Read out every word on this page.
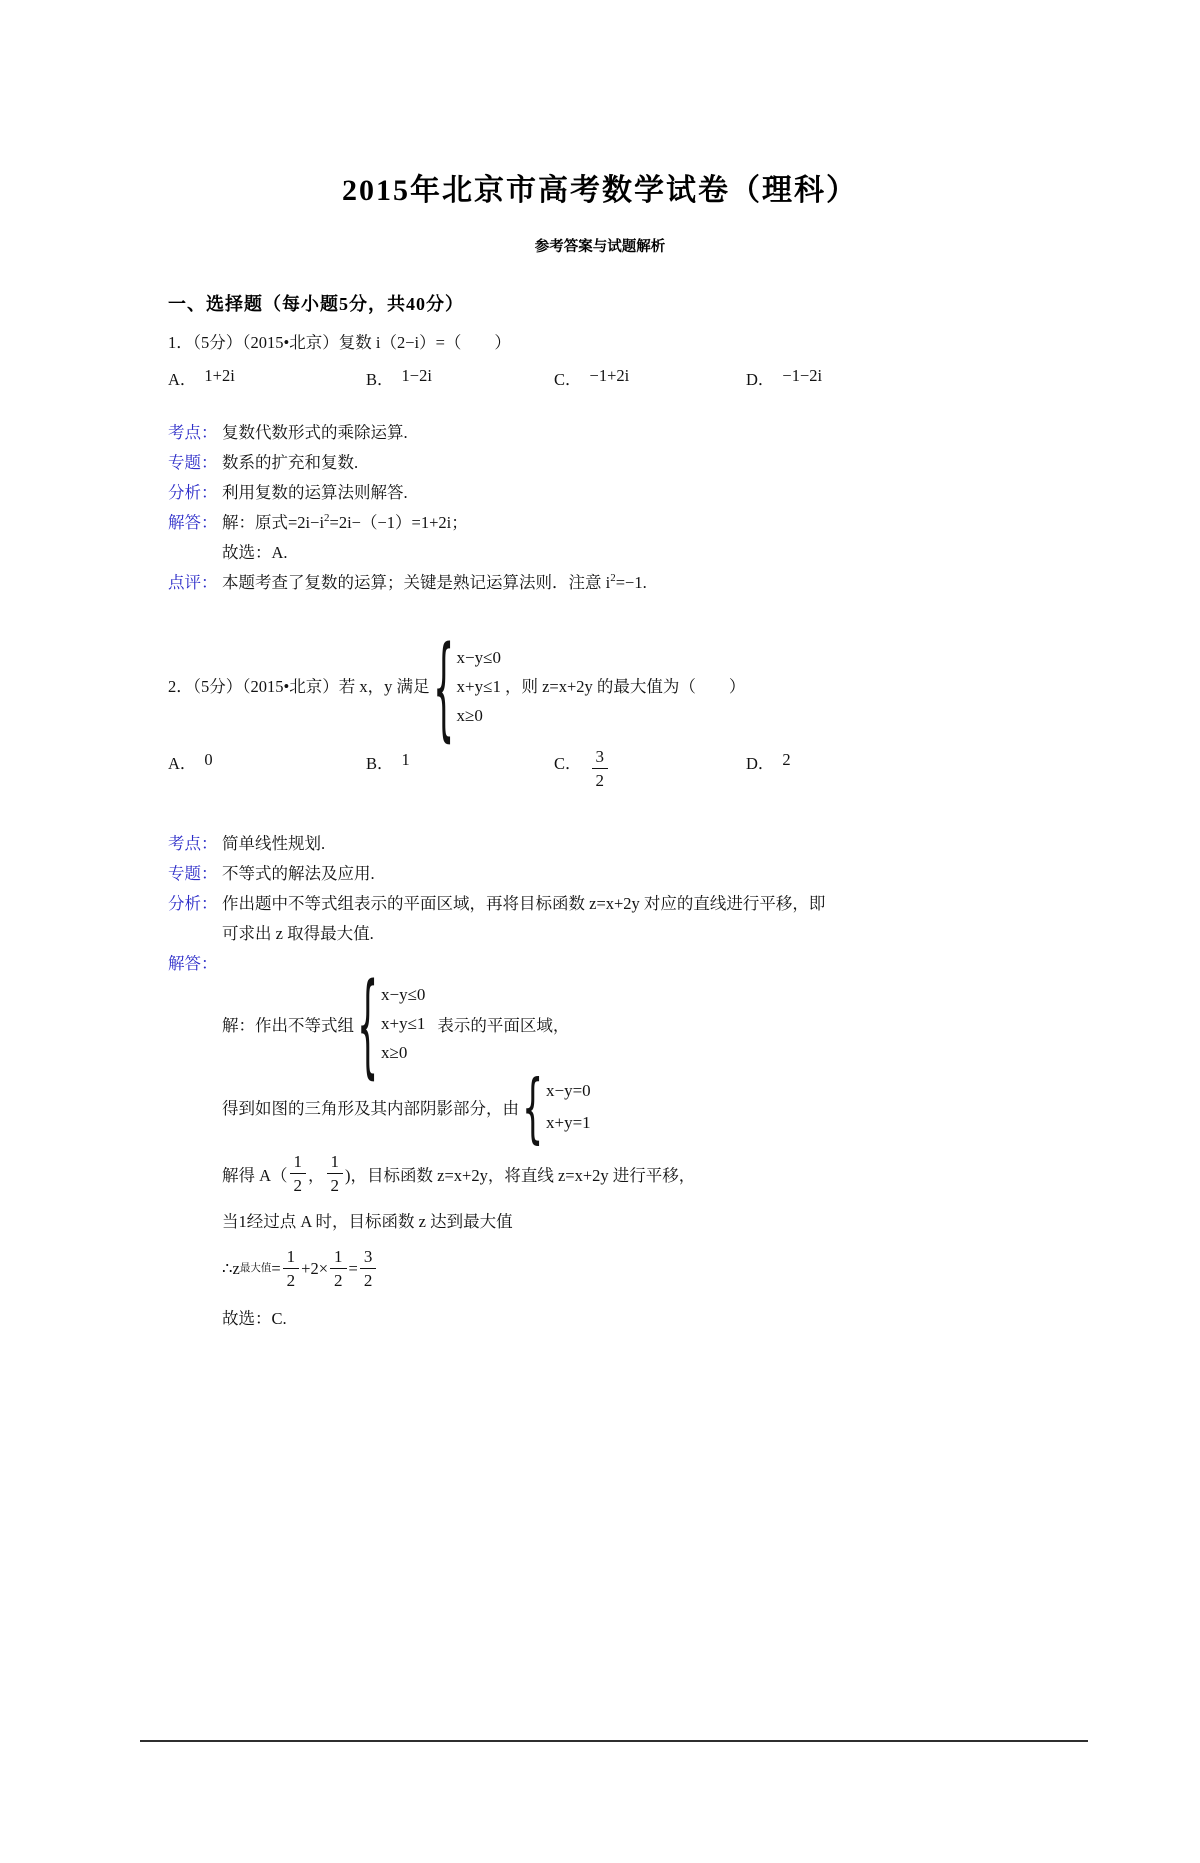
2015年北京市高考数学试卷（理科）
参考答案与试题解析
一、选择题（每小题5分，共40分）
1．（5分）（2015•北京）复数 i（2−i）=（　　）
A． 1+2i	B． 1−2i	C． −1+2i	D． −1−2i
考点： 复数代数形式的乘除运算.
专题： 数系的扩充和复数.
分析： 利用复数的运算法则解答.
解答： 解：原式$=2i-i^2=2i-(-1)=1+2i$；
故选：A.
点评： 本题考查了复数的运算；关键是熟记运算法则．注意 $i^2=-1$.
2．（5分）（2015•北京）若 x，y 满足 { x−y≤0
x+y≤1
x≥0
，则 z=x+2y 的最大值为（　　）
A． 0	B． 1	C． $\frac{3}{2}$	D． 2
考点： 简单线性规划.
专题： 不等式的解法及应用.
分析： 作出题中不等式组表示的平面区域，再将目标函数 z=x+2y 对应的直线进行平移，即
可求出 z 取得最大值.
解答：
解：作出不等式组 { x−y≤0
x+y≤1
x≥0
表示的平面区域，
得到如图的三角形及其内部阴影部分，由 { x−y=0
x+y=1
解得 $A( \frac{1}{2}$ ， $\frac{1}{2}$ )，目标函数 z=x+2y，将直线 z=x+2y 进行平移，
当1经过点 A 时，目标函数 z 达到最大值
∴z 最大值 = $\frac{1}{2} +2\times \frac{1}{2} = \frac{3}{2}$
故选：C.
